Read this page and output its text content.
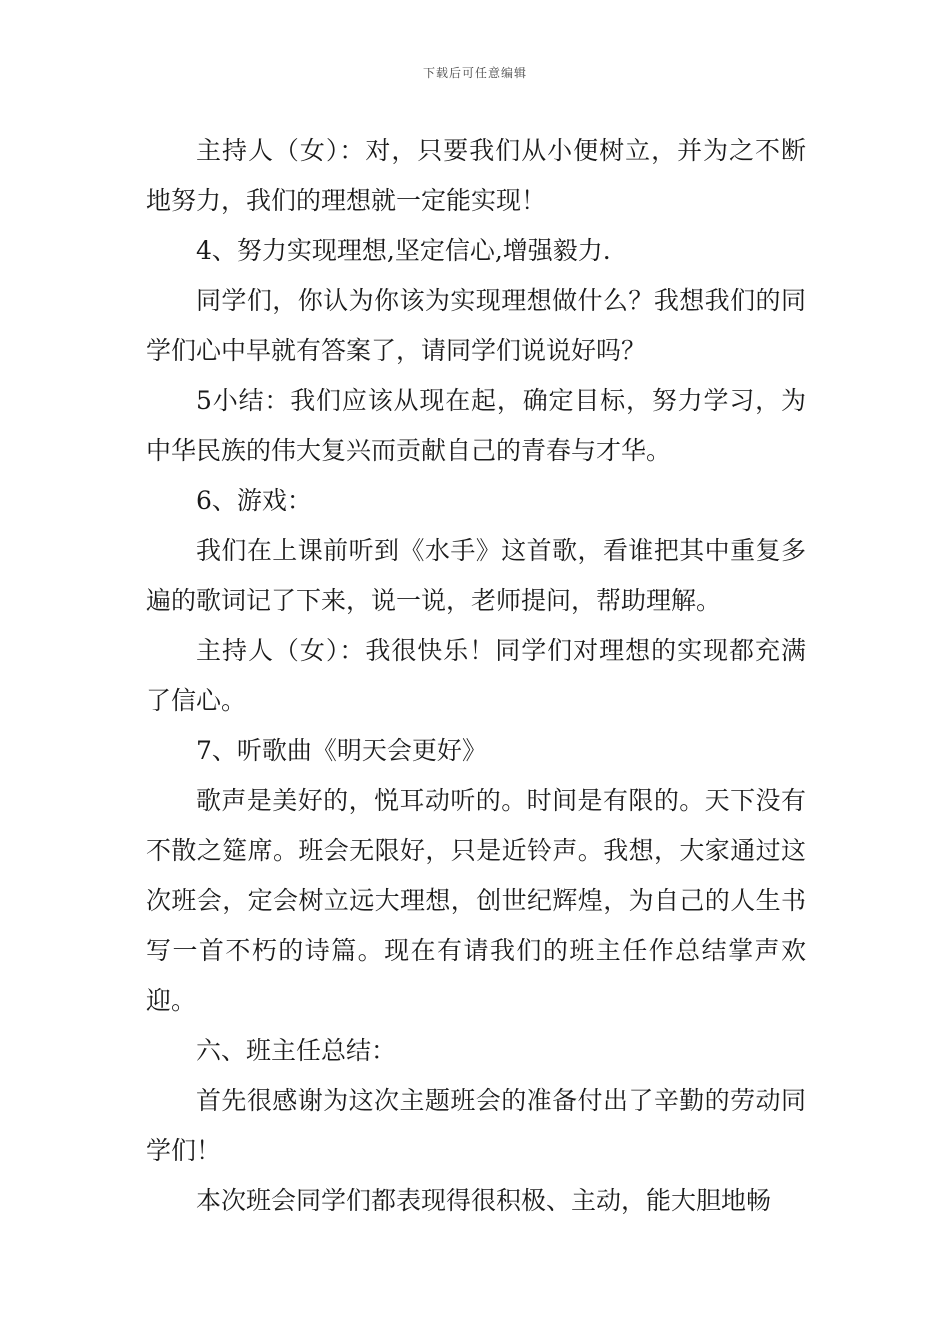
下载后可任意编辑

主持人（女）：对，只要我们从小便树立，并为之不断地努力，我们的理想就一定能实现！

4、努力实现理想,坚定信心,增强毅力.

同学们，你认为你该为实现理想做什么？我想我们的同学们心中早就有答案了，请同学们说说好吗？

5小结：我们应该从现在起，确定目标，努力学习，为中华民族的伟大复兴而贡献自己的青春与才华。

6、游戏：

我们在上课前听到《水手》这首歌，看谁把其中重复多遍的歌词记了下来，说一说，老师提问，帮助理解。

主持人（女）：我很快乐！同学们对理想的实现都充满了信心。

7、听歌曲《明天会更好》

歌声是美好的，悦耳动听的。时间是有限的。天下没有不散之筵席。班会无限好，只是近铃声。我想，大家通过这次班会，定会树立远大理想，创世纪辉煌，为自己的人生书写一首不朽的诗篇。现在有请我们的班主任作总结掌声欢迎。

六、班主任总结：

首先很感谢为这次主题班会的准备付出了辛勤的劳动同学们！

本次班会同学们都表现得很积极、主动，能大胆地畅
